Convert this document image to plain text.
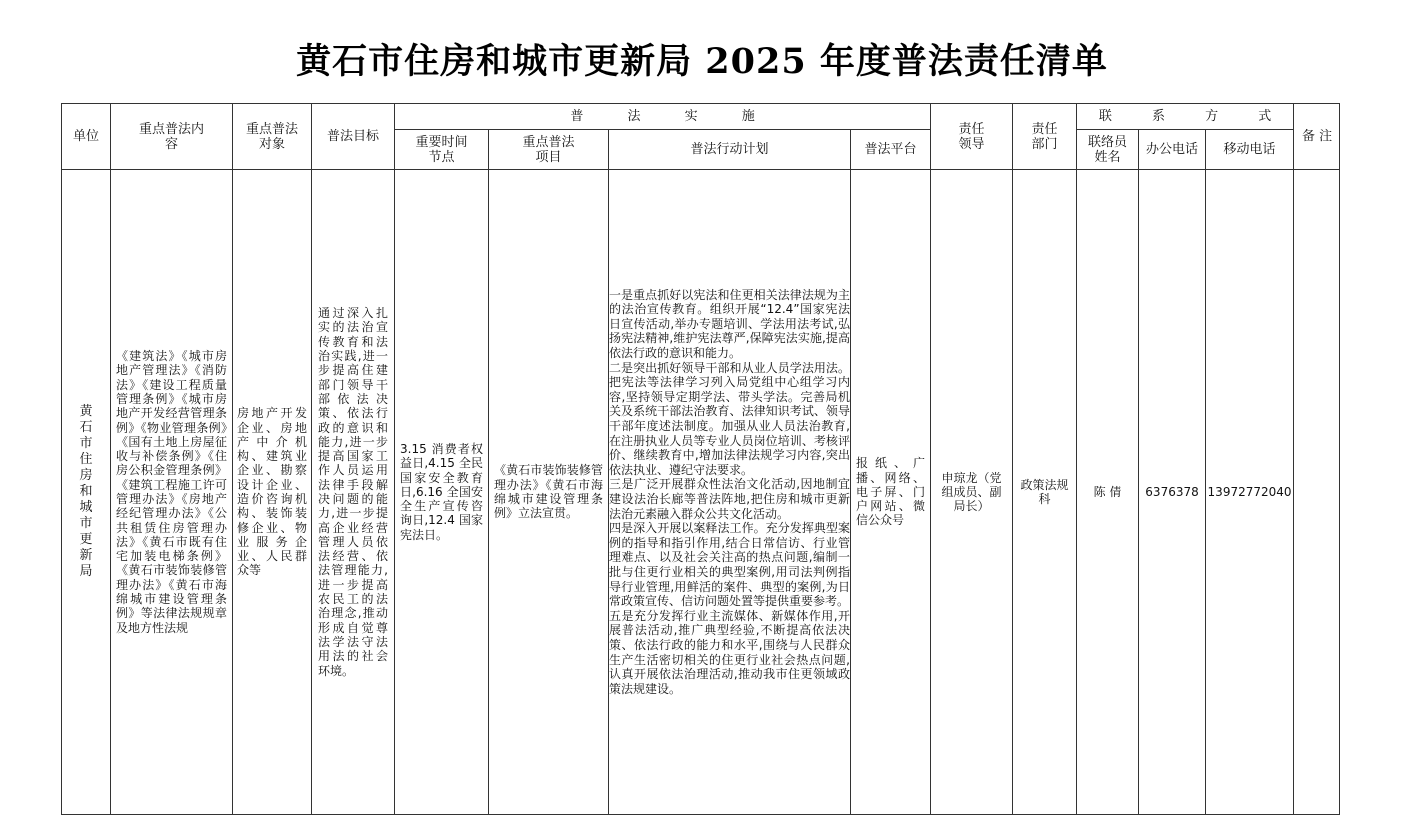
黄石市住房和城市更新局 2025 年度普法责任清单
单位	重点普法内容	重点普法对象	普法目标	普 法 实 施				责任领导	责任部门	联 系 方 式			备 注
				重要时间节点	重点普法项目	普法行动计划	普法平台			联络员姓名	办公电话	移动电话	

黄石市住房和城市更新局	《建筑法》《城市房地产管理法》《消防法》《建设工程质量管理条例》《城市房地产开发经营管理条例》《物业管理条例》《国有土地上房屋征收与补偿条例》《住房公积金管理条例》《建筑工程施工许可管理办法》《房地产经纪管理办法》《公共租赁住房管理办法》《黄石市既有住宅加装电梯条例》《黄石市装饰装修管理办法》《黄石市海绵城市建设管理条例》等法律法规规章及地方性法规	房地产开发企业、房地产中介机构、建筑业企业、勘察设计企业、造价咨询机构、装饰装修企业、物业服务企业、人民群众等	通过深入扎实的法治宣传教育和法治实践,进一步提高住建部门领导干部依法决策、依法行政的意识和能力,进一步提高国家工作人员运用法律手段解决问题的能力,进一步提高企业经营管理人员依法经营、依法管理能力,进一步提高农民工的法治理念,推动形成自觉尊法学法守法用法的社会环境。	3.15 消费者权益日,4.15 全民国家安全教育日,6.16 全国安全生产宣传咨询日,12.4 国家宪法日。	《黄石市装饰装修管理办法》《黄石市海绵城市建设管理条例》立法宣贯。	一是重点抓好以宪法和住更相关法律法规为主的法治宣传教育。组织开展“12.4”国家宪法日宣传活动,举办专题培训、学法用法考试,弘扬宪法精神,维护宪法尊严,保障宪法实施,提高依法行政的意识和能力。

二是突出抓好领导干部和从业人员学法用法。把宪法等法律学习列入局党组中心组学习内容,坚持领导定期学法、带头学法。完善局机关及系统干部法治教育、法律知识考试、领导干部年度述法制度。加强从业人员法治教育,在注册执业人员等专业人员岗位培训、考核评价、继续教育中,增加法律法规学习内容,突出依法执业、遵纪守法要求。

三是广泛开展群众性法治文化活动,因地制宜建设法治长廊等普法阵地,把住房和城市更新法治元素融入群众公共文化活动。

四是深入开展以案释法工作。充分发挥典型案例的指导和指引作用,结合日常信访、行业管理难点、以及社会关注高的热点问题,编制一批与住更行业相关的典型案例,用司法判例指导行业管理,用鲜活的案件、典型的案例,为日常政策宣传、信访问题处置等提供重要参考。

五是充分发挥行业主流媒体、新媒体作用,开展普法活动,推广典型经验,不断提高依法决策、依法行政的能力和水平,围绕与人民群众生产生活密切相关的住更行业社会热点问题,认真开展依法治理活动,推动我市住更领域政策法规建设。	报纸、广播、网络、电子屏、门户网站、微信公众号	申琼龙（党组成员、副局长）	政策法规科	陈 倩	6376378	13972772040	
